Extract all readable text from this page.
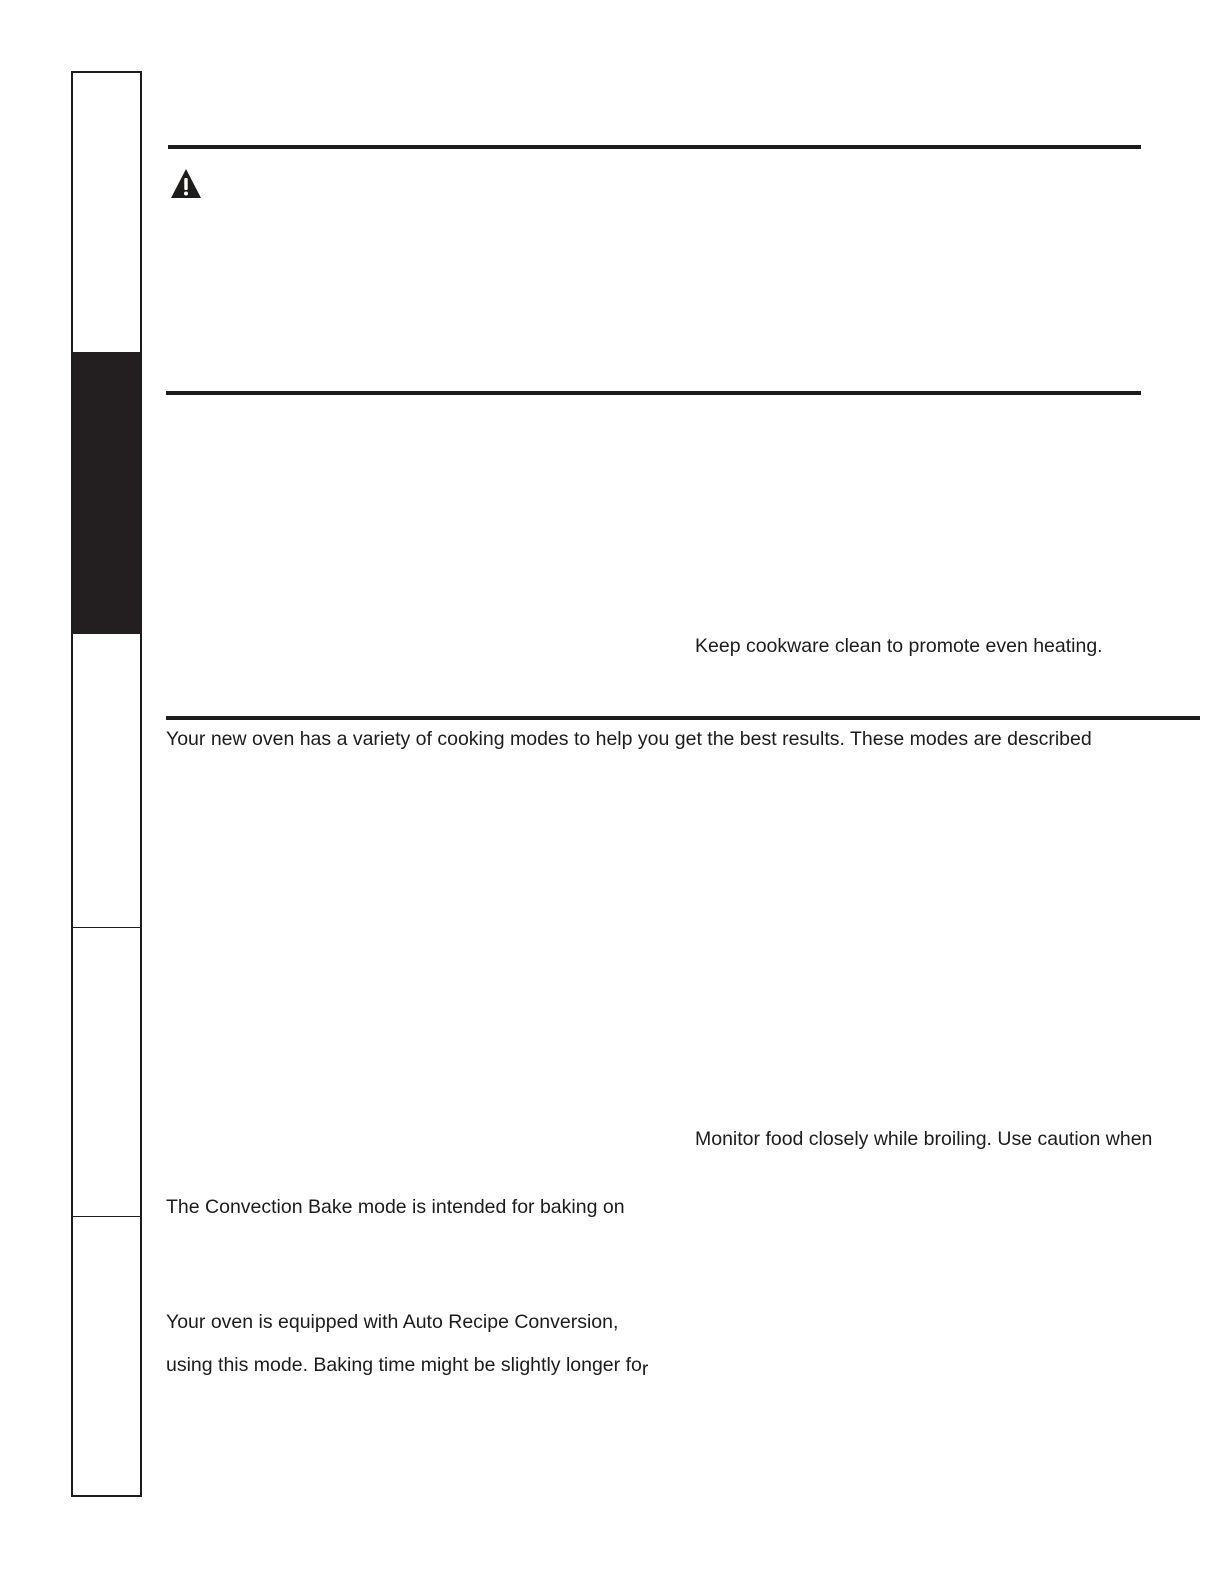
Keep cookware clean to promote even heating.
Your new oven has a variety of cooking modes to help you get the best results. These modes are described
Monitor food closely while broiling. Use caution when
The Convection Bake mode is intended for baking on
Your oven is equipped with Auto Recipe Conversion,
using this mode. Baking time might be slightly longer for
